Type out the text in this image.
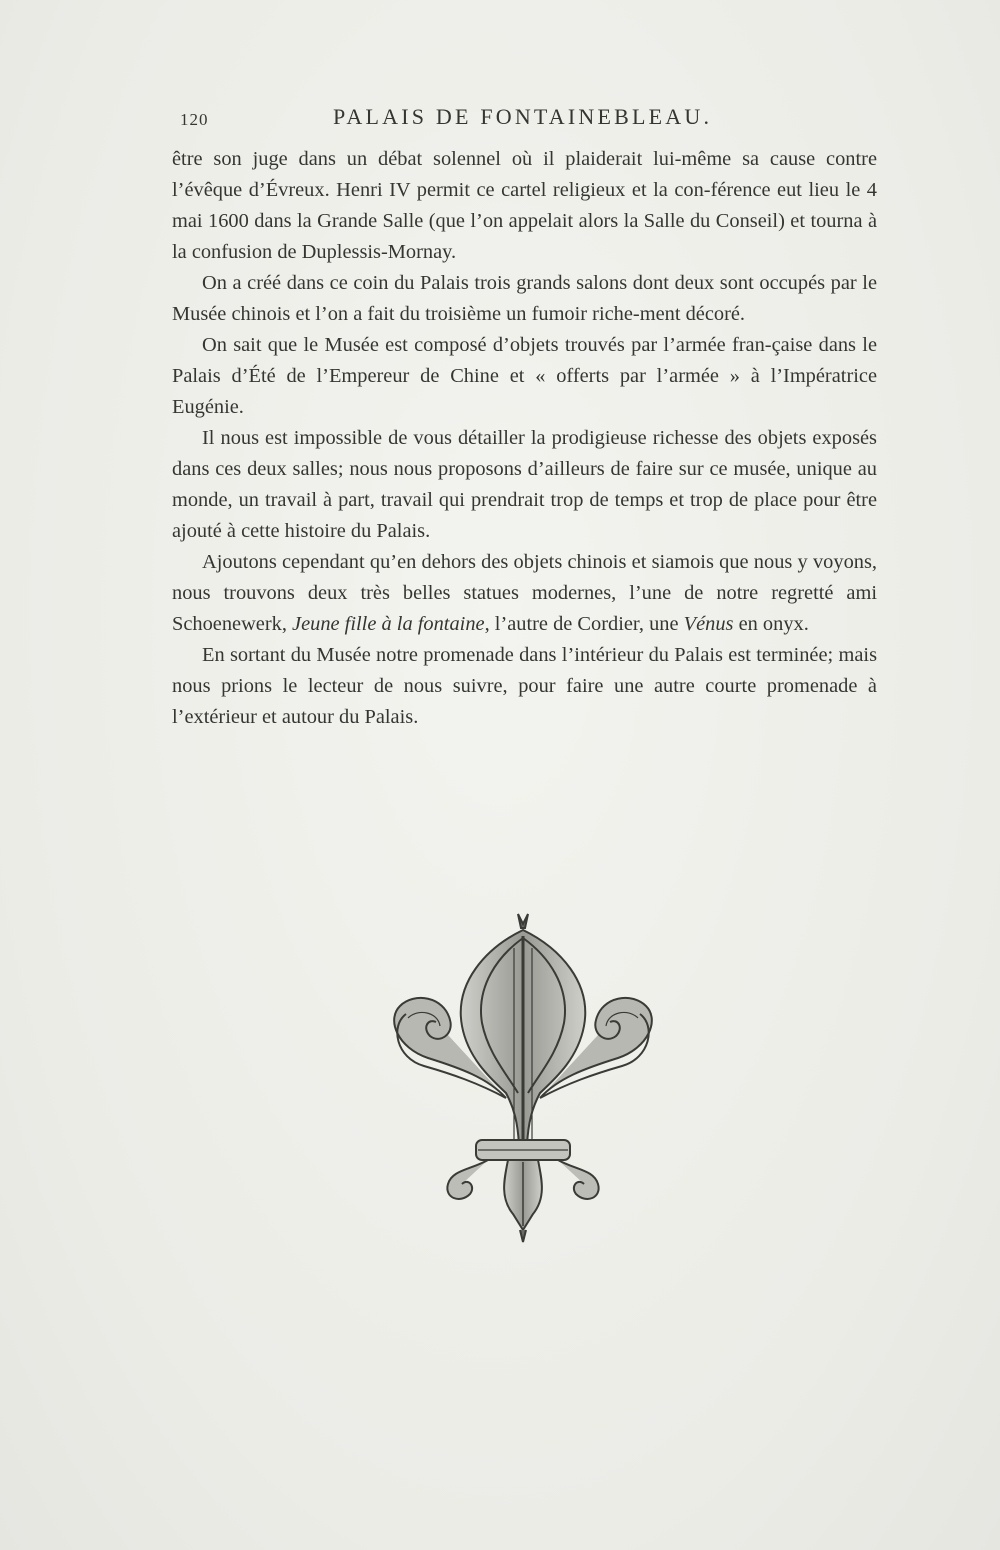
120	PALAIS DE FONTAINEBLEAU.

être son juge dans un débat solennel où il plaiderait lui-même sa cause contre l’évêque d’Évreux. Henri IV permit ce cartel religieux et la con-férence eut lieu le 4 mai 1600 dans la Grande Salle (que l’on appelait alors la Salle du Conseil) et tourna à la confusion de Duplessis-Mornay.

On a créé dans ce coin du Palais trois grands salons dont deux sont occupés par le Musée chinois et l’on a fait du troisième un fumoir riche-ment décoré.

On sait que le Musée est composé d’objets trouvés par l’armée fran-çaise dans le Palais d’Été de l’Empereur de Chine et « offerts par l’armée » à l’Impératrice Eugénie.

Il nous est impossible de vous détailler la prodigieuse richesse des objets exposés dans ces deux salles; nous nous proposons d’ailleurs de faire sur ce musée, unique au monde, un travail à part, travail qui prendrait trop de temps et trop de place pour être ajouté à cette histoire du Palais.

Ajoutons cependant qu’en dehors des objets chinois et siamois que nous y voyons, nous trouvons deux très belles statues modernes, l’une de notre regretté ami Schoenewerk, Jeune fille à la fontaine, l’autre de Cordier, une Vénus en onyx.

En sortant du Musée notre promenade dans l’intérieur du Palais est terminée; mais nous prions le lecteur de nous suivre, pour faire une autre courte promenade à l’extérieur et autour du Palais.
